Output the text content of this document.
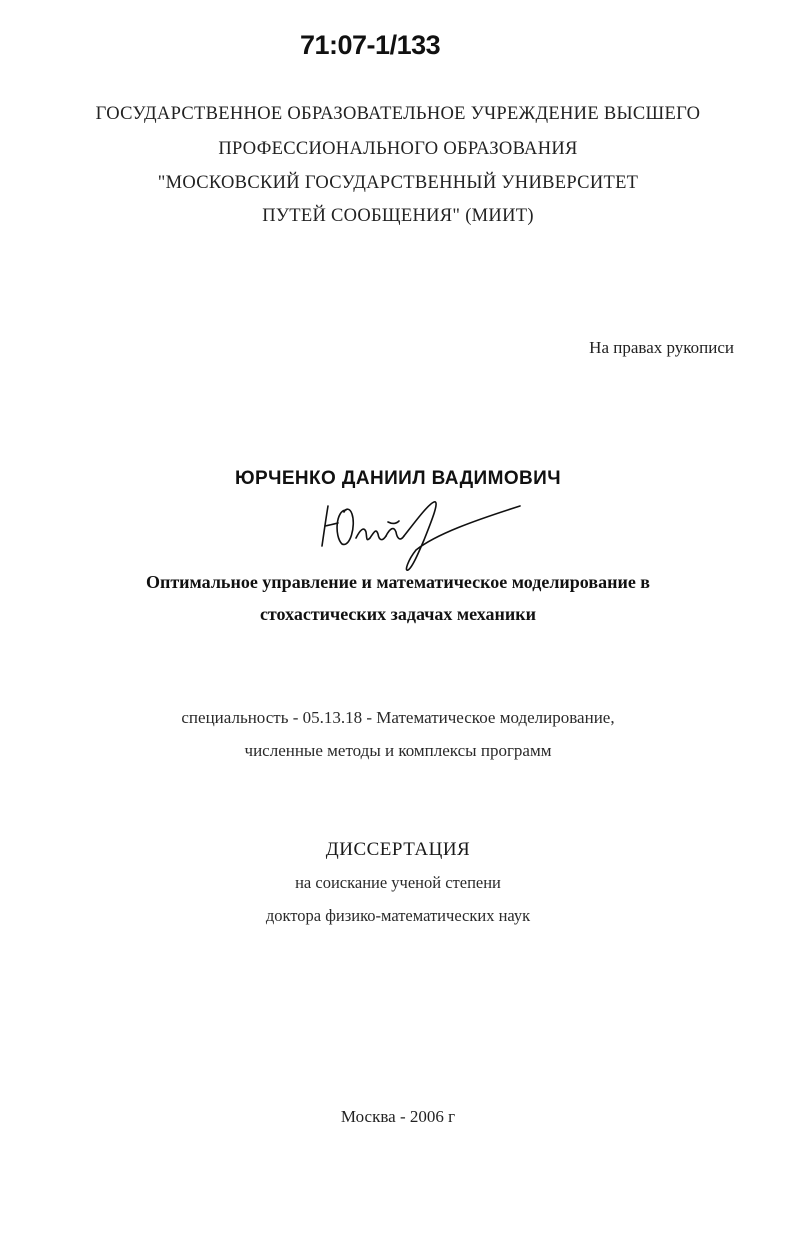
71:07-1/133
ГОСУДАРСТВЕННОЕ ОБРАЗОВАТЕЛЬНОЕ УЧРЕЖДЕНИЕ ВЫСШЕГО
ПРОФЕССИОНАЛЬНОГО ОБРАЗОВАНИЯ
"МОСКОВСКИЙ ГОСУДАРСТВЕННЫЙ УНИВЕРСИТЕТ
ПУТЕЙ СООБЩЕНИЯ" (МИИТ)
На правах рукописи
ЮРЧЕНКО ДАНИИЛ ВАДИМОВИЧ
Оптимальное управление и математическое моделирование в
стохастических задачах механики
специальность - 05.13.18 - Математическое моделирование,
численные методы и комплексы программ
ДИССЕРТАЦИЯ
на соискание ученой степени
доктора физико-математических наук
Москва - 2006 г
